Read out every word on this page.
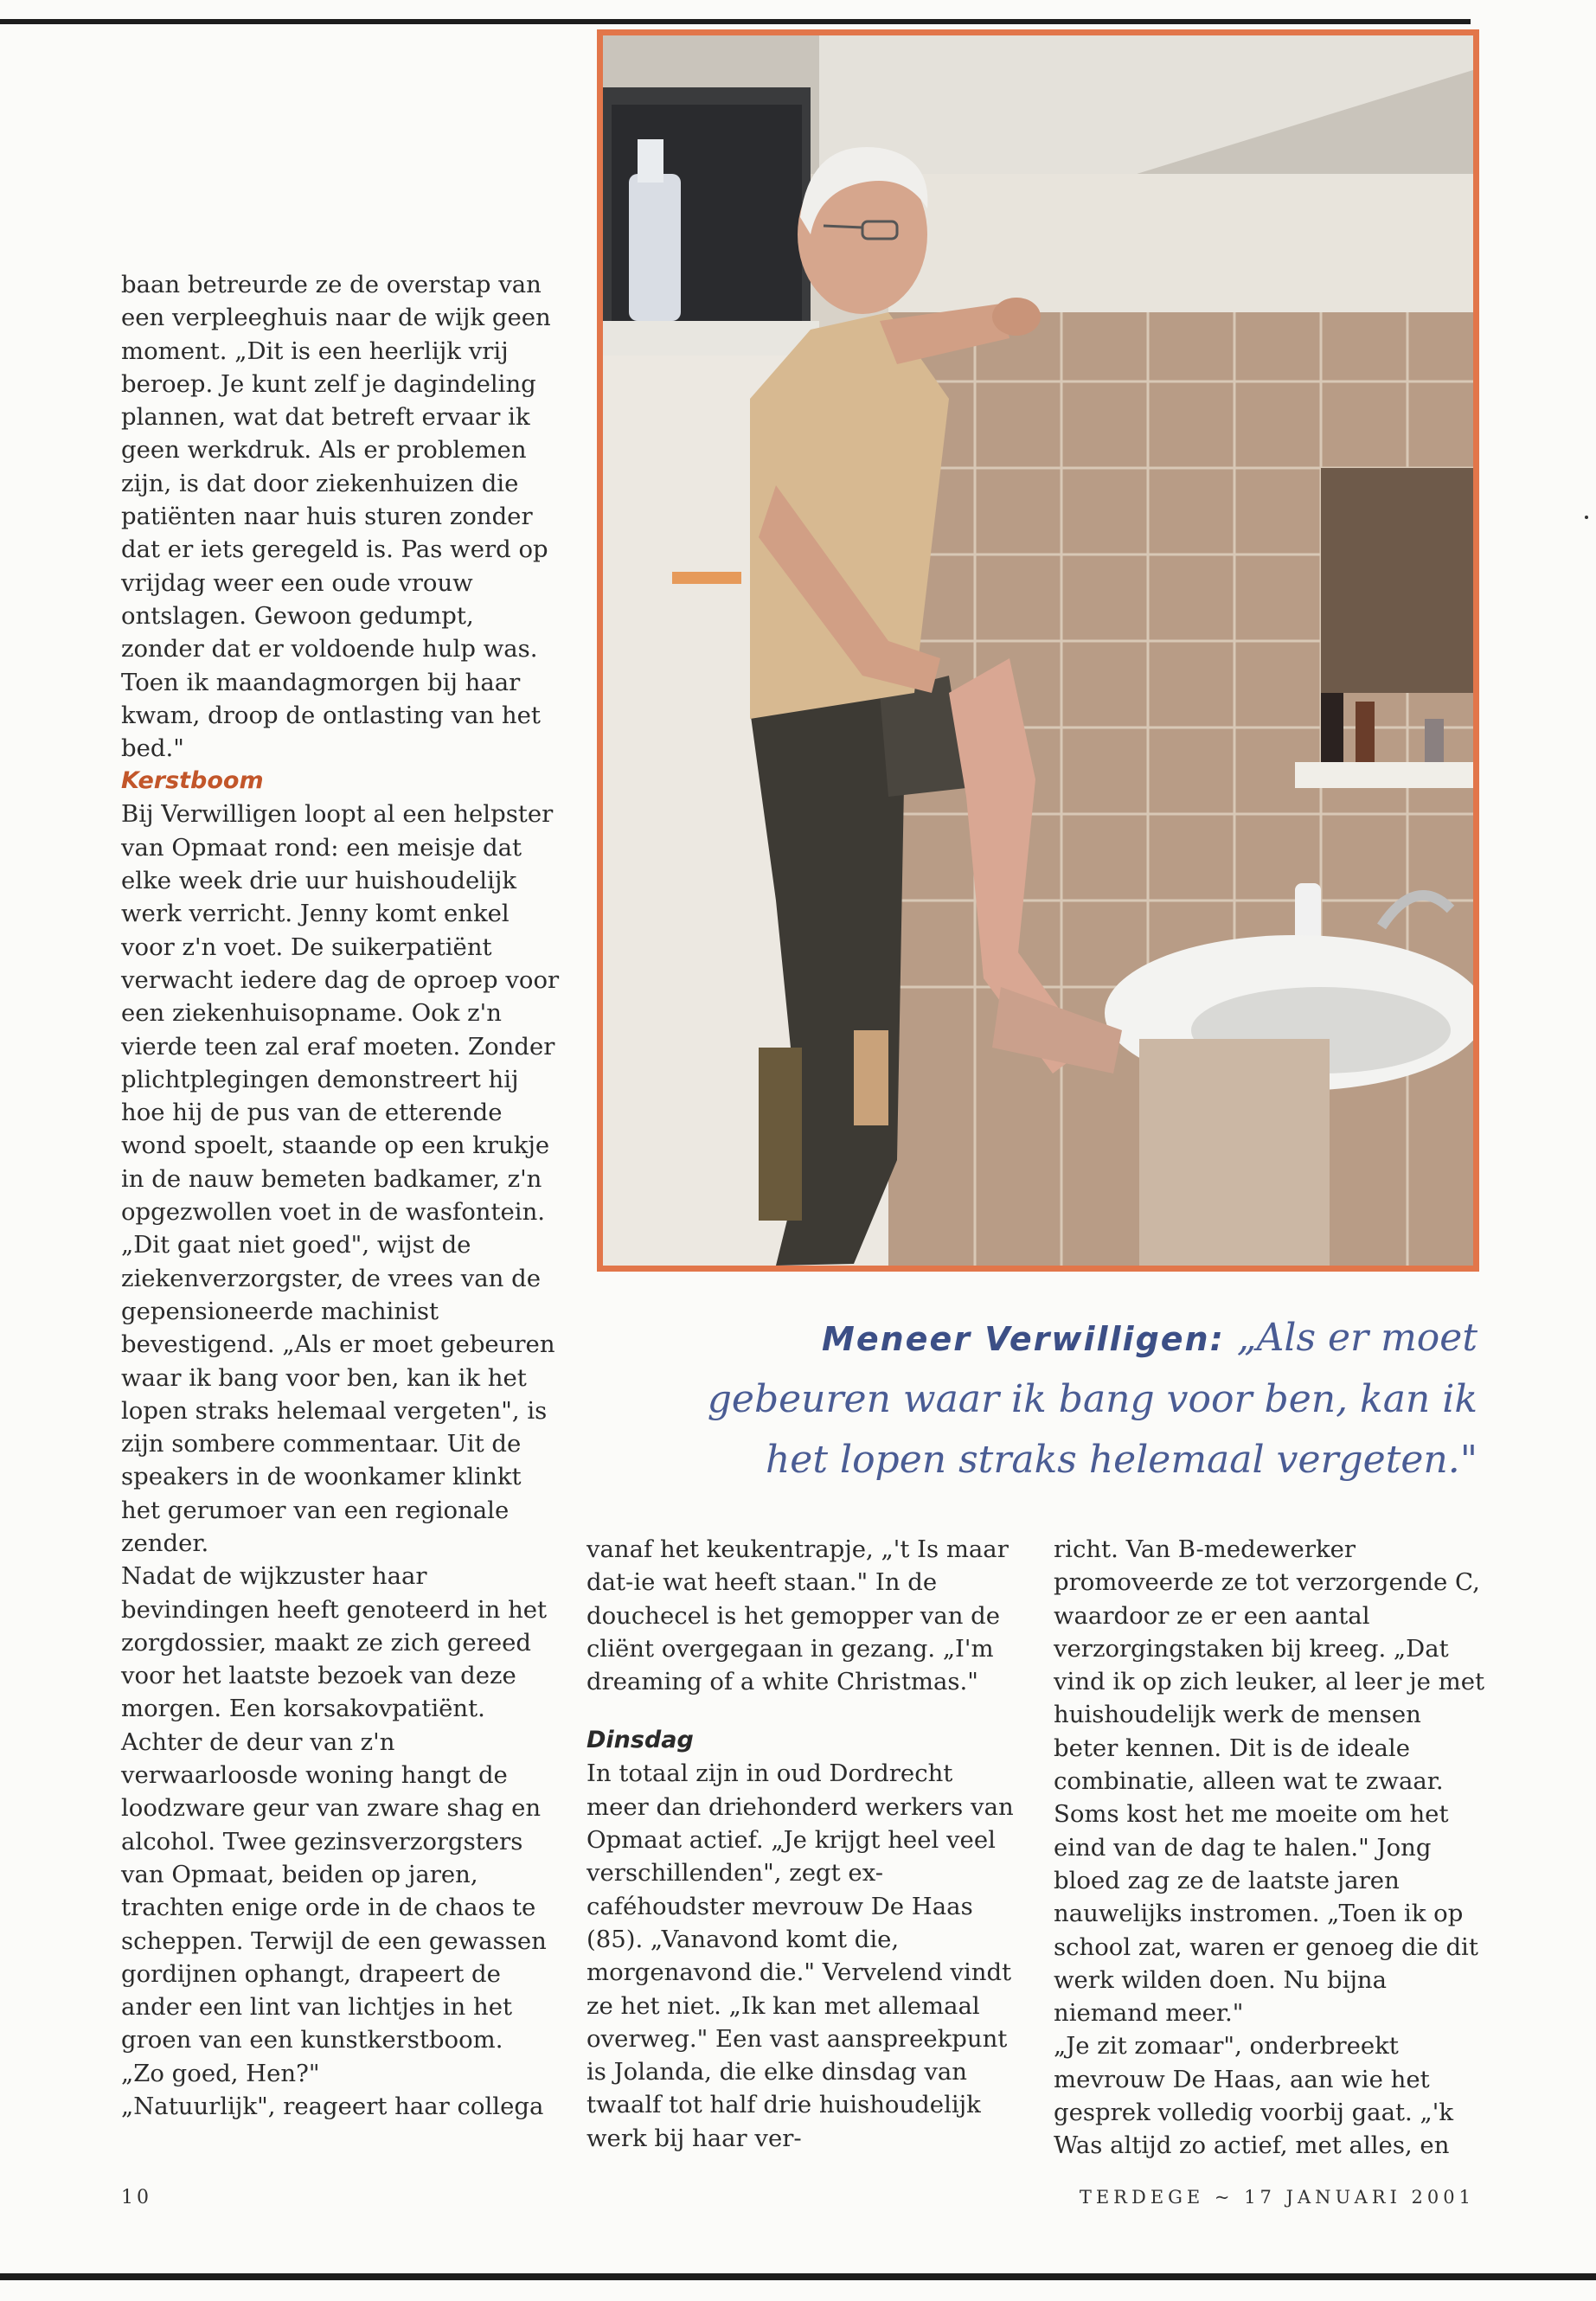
baan betreurde ze de overstap van een verpleeghuis naar de wijk geen moment. „Dit is een heerlijk vrij beroep. Je kunt zelf je dagindeling plannen, wat dat betreft ervaar ik geen werkdruk. Als er problemen zijn, is dat door ziekenhuizen die patiënten naar huis sturen zonder dat er iets geregeld is. Pas werd op vrijdag weer een oude vrouw ontslagen. Gewoon gedumpt, zonder dat er voldoende hulp was. Toen ik maandagmorgen bij haar kwam, droop de ontlasting van het bed."

Kerstboom

Bij Verwilligen loopt al een helpster van Opmaat rond: een meisje dat elke week drie uur huishoudelijk werk verricht. Jenny komt enkel voor z'n voet. De suikerpatiënt verwacht iedere dag de oproep voor een ziekenhuisopname. Ook z'n vierde teen zal eraf moeten. Zonder plichtplegingen demonstreert hij hoe hij de pus van de etterende wond spoelt, staande op een krukje in de nauw bemeten badkamer, z'n opgezwollen voet in de wasfontein. „Dit gaat niet goed", wijst de ziekenverzorgster, de vrees van de gepensioneerde machinist bevestigend. „Als er moet gebeuren waar ik bang voor ben, kan ik het lopen straks helemaal vergeten", is zijn sombere commentaar. Uit de speakers in de woonkamer klinkt het gerumoer van een regionale zender.

Nadat de wijkzuster haar bevindingen heeft genoteerd in het zorgdossier, maakt ze zich gereed voor het laatste bezoek van deze morgen. Een korsakovpatiënt. Achter de deur van z'n verwaarloosde woning hangt de loodzware geur van zware shag en alcohol. Twee gezinsverzorgsters van Opmaat, beiden op jaren, trachten enige orde in de chaos te scheppen. Terwijl de een gewassen gordijnen ophangt, drapeert de ander een lint van lichtjes in het groen van een kunstkerstboom.

„Zo goed, Hen?"

„Natuurlijk", reageert haar collega

Meneer Verwilligen: „Als er moet gebeuren waar ik bang voor ben, kan ik het lopen straks helemaal vergeten."

vanaf het keukentrapje, „'t Is maar dat-ie wat heeft staan." In de douchecel is het gemopper van de cliënt overgegaan in gezang. „I'm dreaming of a white Christmas."

Dinsdag

In totaal zijn in oud Dordrecht meer dan driehonderd werkers van Opmaat actief. „Je krijgt heel veel verschillenden", zegt ex-caféhoudster mevrouw De Haas (85). „Vanavond komt die, morgenavond die." Vervelend vindt ze het niet. „Ik kan met allemaal overweg." Een vast aanspreekpunt is Jolanda, die elke dinsdag van twaalf tot half drie huishoudelijk werk bij haar ver-

richt. Van B-medewerker promoveerde ze tot verzorgende C, waardoor ze er een aantal verzorgingstaken bij kreeg. „Dat vind ik op zich leuker, al leer je met huishoudelijk werk de mensen beter kennen. Dit is de ideale combinatie, alleen wat te zwaar. Soms kost het me moeite om het eind van de dag te halen." Jong bloed zag ze de laatste jaren nauwelijks instromen. „Toen ik op school zat, waren er genoeg die dit werk wilden doen. Nu bijna niemand meer."

„Je zit zomaar", onderbreekt mevrouw De Haas, aan wie het gesprek volledig voorbij gaat. „'k Was altijd zo actief, met alles, en

10	TERDEGE ~ 17 JANUARI 2001
